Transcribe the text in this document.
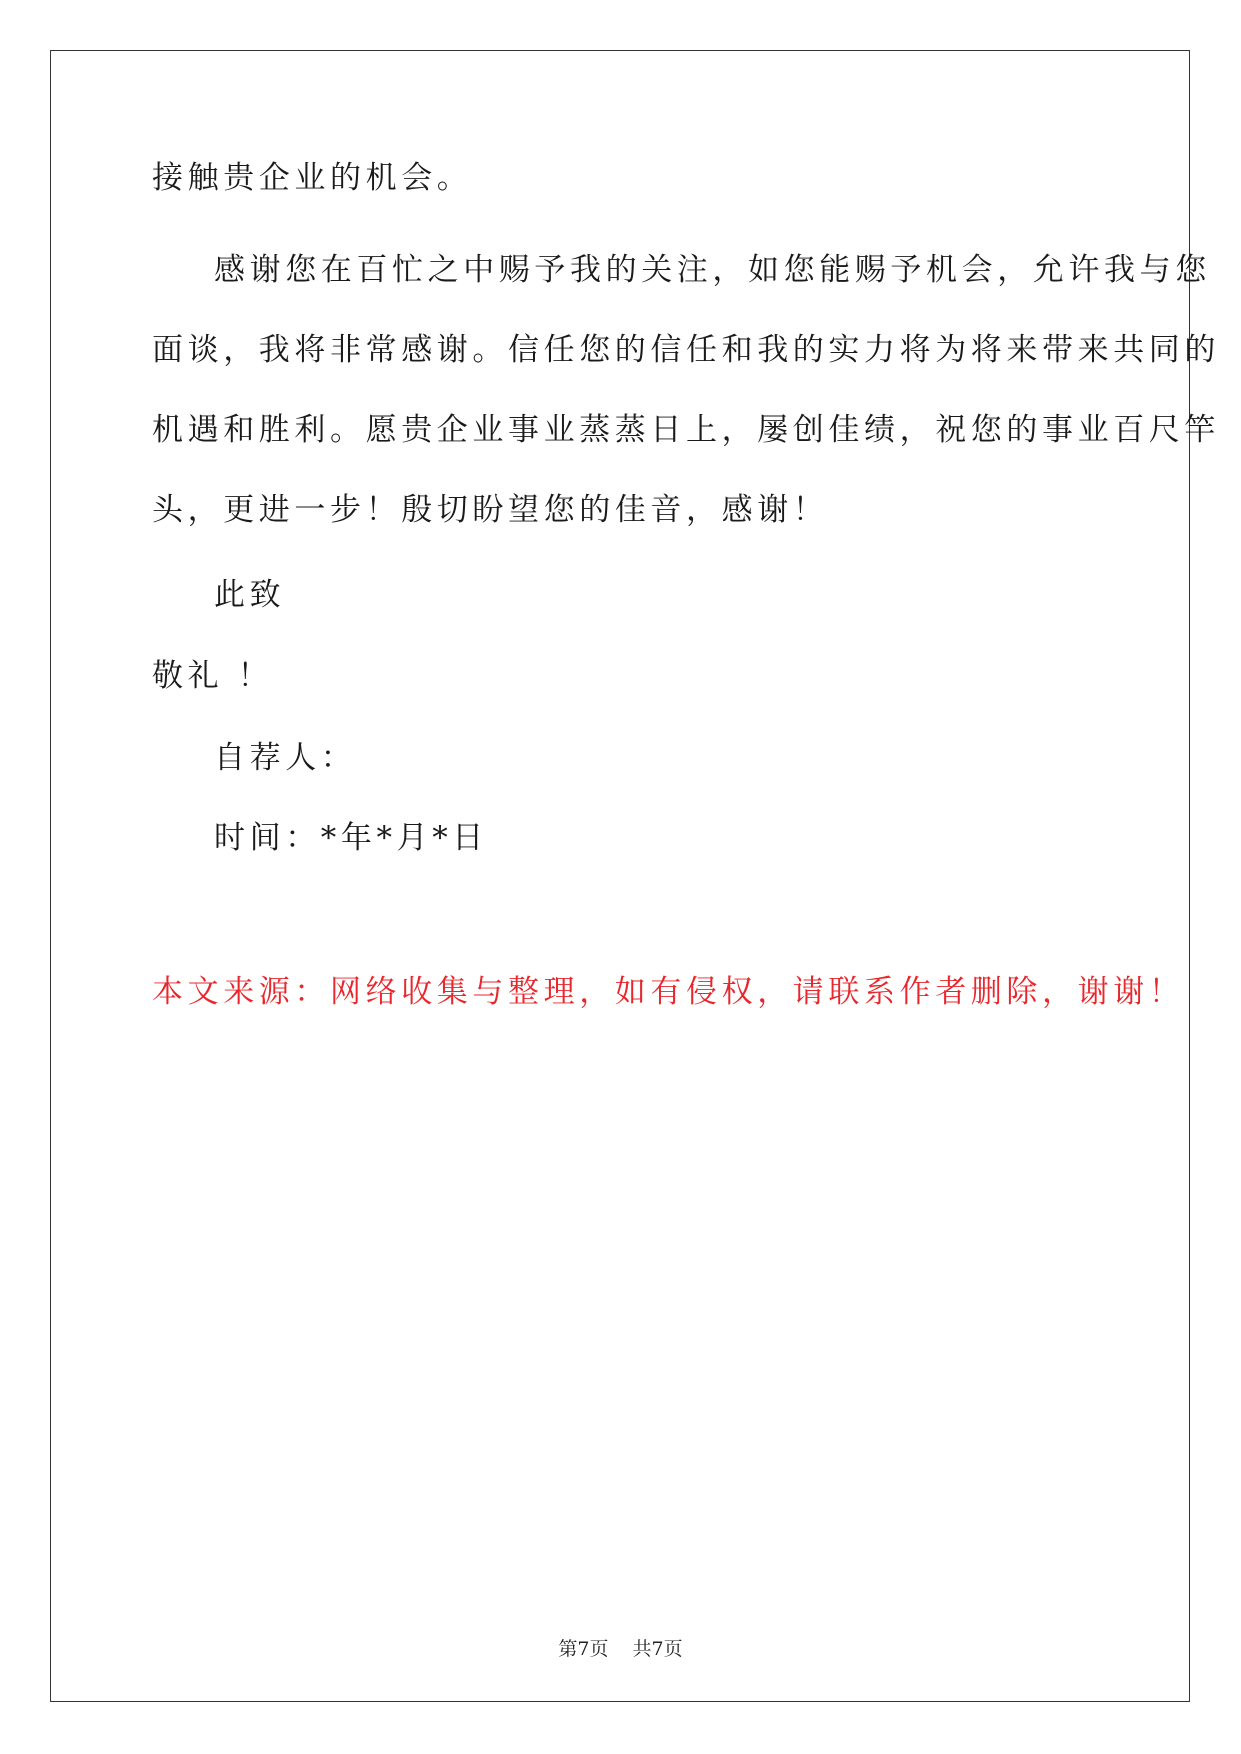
接触贵企业的机会。
感谢您在百忙之中赐予我的关注，如您能赐予机会，允许我与您
面谈，我将非常感谢。信任您的信任和我的实力将为将来带来共同的
机遇和胜利。愿贵企业事业蒸蒸日上，屡创佳绩，祝您的事业百尺竿
头，更进一步！殷切盼望您的佳音，感谢！
此致
敬礼 ！
自荐人：
时间：*年*月*日
本文来源：网络收集与整理，如有侵权，请联系作者删除，谢谢！
第7页 共7页
